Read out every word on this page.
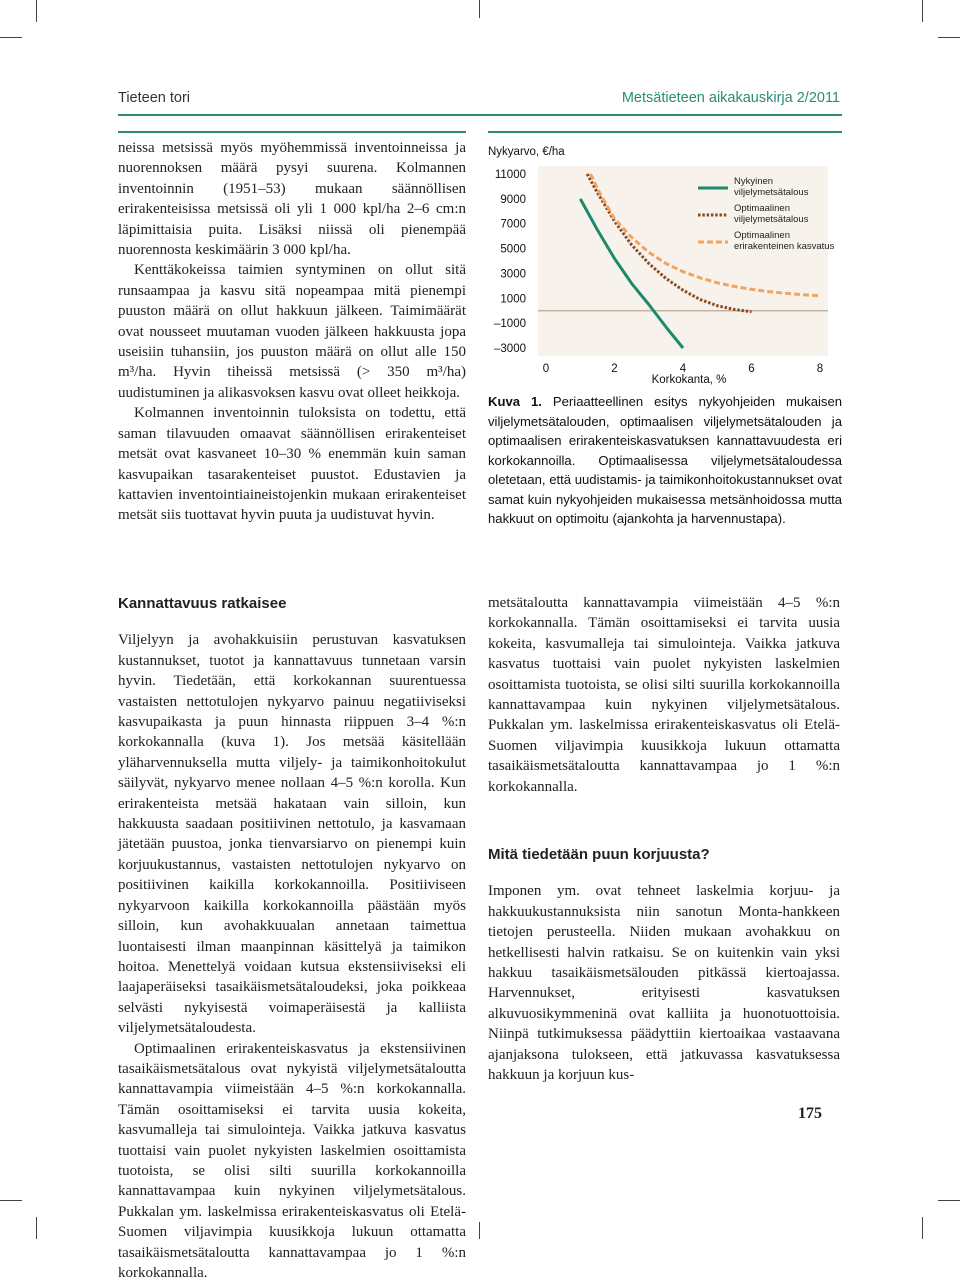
Tieteen tori	Metsätieteen aikakauskirja 2/2011

neissa metsissä myös myöhemmissä inventoinneissa ja nuorennoksen määrä pysyi suurena. Kolmannen inventoinnin (1951–53) mukaan säännöllisen erirakenteisissa metsissä oli yli 1 000 kpl/ha 2–6 cm:n läpimittaisia puita. Lisäksi niissä oli pienempää nuorennosta keskimäärin 3 000 kpl/ha.

Kenttäkokeissa taimien syntyminen on ollut sitä runsaampaa ja kasvu sitä nopeampaa mitä pienempi puuston määrä on ollut hakkuun jälkeen. Taimimäärät ovat nousseet muutaman vuoden jälkeen hakkuusta jopa useisiin tuhansiin, jos puuston määrä on ollut alle 150 m³/ha. Hyvin tiheissä metsissä (> 350 m³/ha) uudistuminen ja alikasvoksen kasvu ovat olleet heikkoja.

Kolmannen inventoinnin tuloksista on todettu, että saman tilavuuden omaavat säännöllisen erirakenteiset metsät ovat kasvaneet 10–30 % enemmän kuin saman kasvupaikan tasarakenteiset puustot. Edustavien ja kattavien inventointiaineistojenkin mukaan erirakenteiset metsät siis tuottavat hyvin puuta ja uudistuvat hyvin.

Nykyarvo, €/ha
11000
9000
7000
5000
3000
1000
–1000
–3000
0	2	4	6	8
Nykyinen viljelymetsätalous
Optimaalinen viljelymetsätalous
Optimaalinen erirakenteinen kasvatus
Korkokanta, %
Kuva 1. Periaatteellinen esitys nykyohjeiden mukaisen viljelymetsätalouden, optimaalisen viljelymetsätalouden ja optimaalisen erirakenteiskasvatuksen kannattavuudesta eri korkokannoilla. Optimaalisessa viljelymetsätaloudessa oletetaan, että uudistamis- ja taimikonhoitokustannukset ovat samat kuin nykyohjeiden mukaisessa metsänhoidossa mutta hakkuut on optimoitu (ajankohta ja harvennustapa).
Kannattavuus ratkaisee

Viljelyyn ja avohakkuisiin perustuvan kasvatuksen kustannukset, tuotot ja kannattavuus tunnetaan varsin hyvin. Tiedetään, että korkokannan suurentuessa vastaisten nettotulojen nykyarvo painuu negatiiviseksi kasvupaikasta ja puun hinnasta riippuen 3–4 %:n korkokannalla (kuva 1). Jos metsää käsitellään yläharvennuksella mutta viljely- ja taimikonhoitokulut säilyvät, nykyarvo menee nollaan 4–5 %:n korolla. Kun erirakenteista metsää hakataan vain silloin, kun hakkuusta saadaan positiivinen nettotulo, ja kasvamaan jätetään puustoa, jonka tienvarsiarvo on pienempi kuin korjuukustannus, vastaisten nettotulojen nykyarvo on positiivinen kaikilla korkokannoilla. Positiiviseen nykyarvoon kaikilla korkokannoilla päästään myös silloin, kun avohakkuualan annetaan taimettua luontaisesti ilman maanpinnan käsittelyä ja taimikon hoitoa. Menettelyä voidaan kutsua ekstensiiviseksi eli laajaperäiseksi tasaikäismetsätaloudeksi, joka poikkeaa selvästi nykyisestä voimaperäisestä ja kalliista viljelymetsätaloudesta.

Optimaalinen erirakenteiskasvatus ja ekstensiivinen tasaikäismetsätalous ovat nykyistä viljelymetsätaloutta kannattavampia viimeistään 4–5 %:n korkokannalla. Tämän osoittamiseksi ei tarvita uusia kokeita, kasvumalleja tai simulointeja. Vaikka jatkuva kasvatus tuottaisi vain puolet nykyisten laskelmien osoittamista tuotoista, se olisi silti suurilla korkokannoilla kannattavampaa kuin nykyinen viljelymetsätalous. Pukkalan ym. laskelmissa erirakenteiskasvatus oli Etelä-Suomen viljavimpia kuusikkoja lukuun ottamatta tasaikäismetsätaloutta kannattavampaa jo 1 %:n korkokannalla.

metsätaloutta kannattavampia viimeistään 4–5 %:n korkokannalla. Tämän osoittamiseksi ei tarvita uusia kokeita, kasvumalleja tai simulointeja. Vaikka jatkuva kasvatus tuottaisi vain puolet nykyisten laskelmien osoittamista tuotoista, se olisi silti suurilla korkokannoilla kannattavampaa kuin nykyinen viljelymetsätalous. Pukkalan ym. laskelmissa erirakenteiskasvatus oli Etelä-Suomen viljavimpia kuusikkoja lukuun ottamatta tasaikäismetsätaloutta kannattavampaa jo 1 %:n korkokannalla.

Mitä tiedetään puun korjuusta?

Imponen ym. ovat tehneet laskelmia korjuu- ja hakkuukustannuksista niin sanotun Monta-hankkeen tietojen perusteella. Niiden mukaan avohakkuu on hetkellisesti halvin ratkaisu. Se on kuitenkin vain yksi hakkuu tasaikäismetsälouden pitkässä kiertoajassa. Harvennukset, erityisesti kasvatuksen alkuvuosikymmeninä ovat kalliita ja huonotuottoisia. Niinpä tutkimuksessa päädyttiin kiertoaikaa vastaavana ajanjaksona tulokseen, että jatkuvassa kasvatuksessa hakkuun ja korjuun kus-

175
